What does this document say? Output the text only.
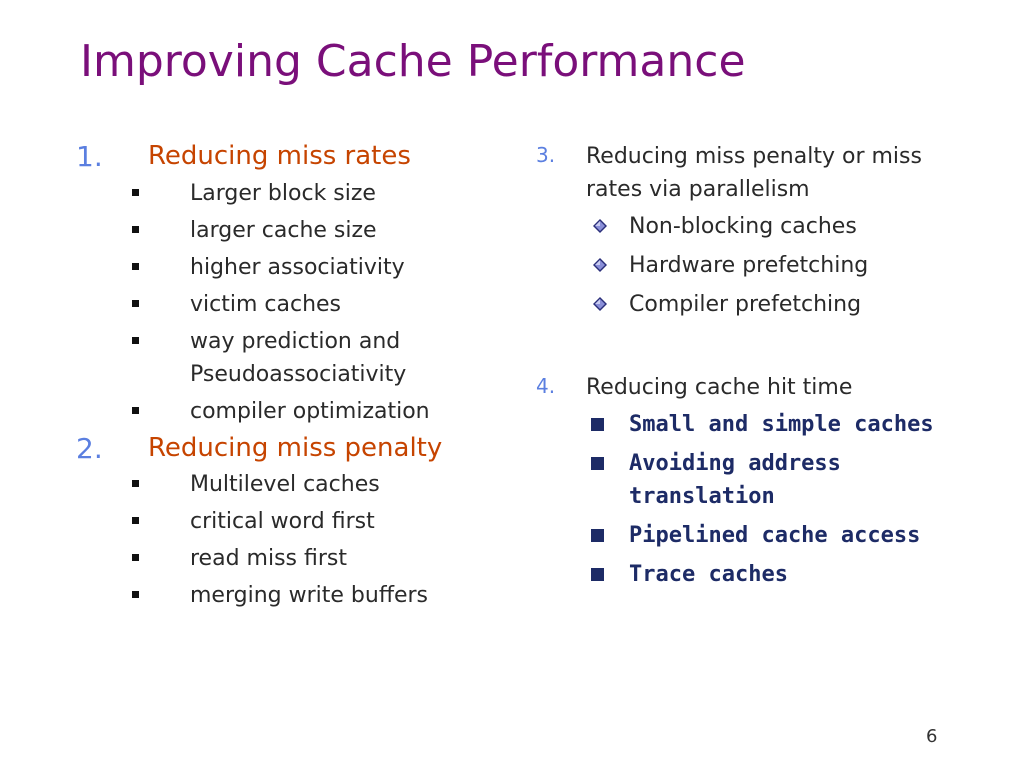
Improving Cache Performance
1. Reducing miss rates
Larger block size
larger cache size
higher associativity
victim caches
way prediction and Pseudoassociativity
compiler optimization
2. Reducing miss penalty
Multilevel caches
critical word first
read miss first
merging write buffers
3. Reducing miss penalty or miss rates via parallelism
Non-blocking caches
Hardware prefetching
Compiler prefetching
4. Reducing cache hit time
Small and simple caches
Avoiding address translation
Pipelined cache access
Trace caches
6
